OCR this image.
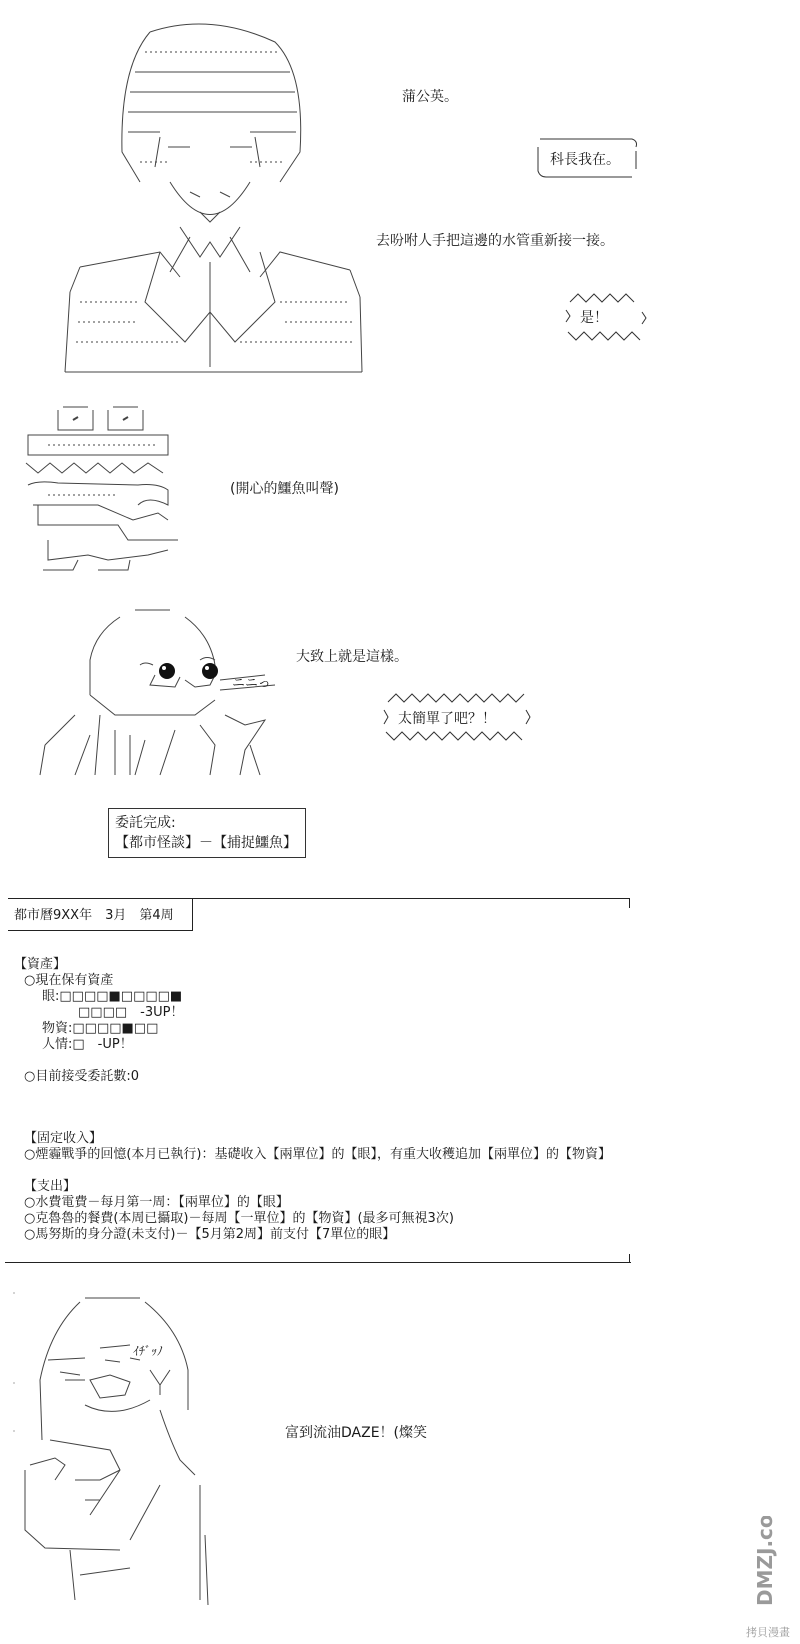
蒲公英。
科長我在。
去吩咐人手把這邊的水管重新接一接。
是！
(開心的鱷魚叫聲)
ニニっ
大致上就是這樣。
太簡單了吧？！
委託完成:
【都市怪談】－【捕捉鱷魚】
都市曆9XX年　3月　第4周
【資產】
○現在保有資產
眼:□□□□■□□□□■
□□□□　-3UP！
物資:□□□□■□□
人情:□　-UP！
○目前接受委託數:0
【固定收入】
○煙霾戰爭的回憶(本月已執行)：基礎收入【兩單位】的【眼】，有重大收穫追加【兩單位】的【物資】
【支出】
○水費電費－每月第一周：【兩單位】的【眼】
○克魯魯的餐費(本周已攝取)－每周【一單位】的【物資】(最多可無視3次)
○馬努斯的身分證(未支付)－【5月第2周】前支付【7單位的眼】
ｲﾁﾞｯﾉ
富到流油DAZE！(燦笑
DMZJ.com
拷貝漫畫
